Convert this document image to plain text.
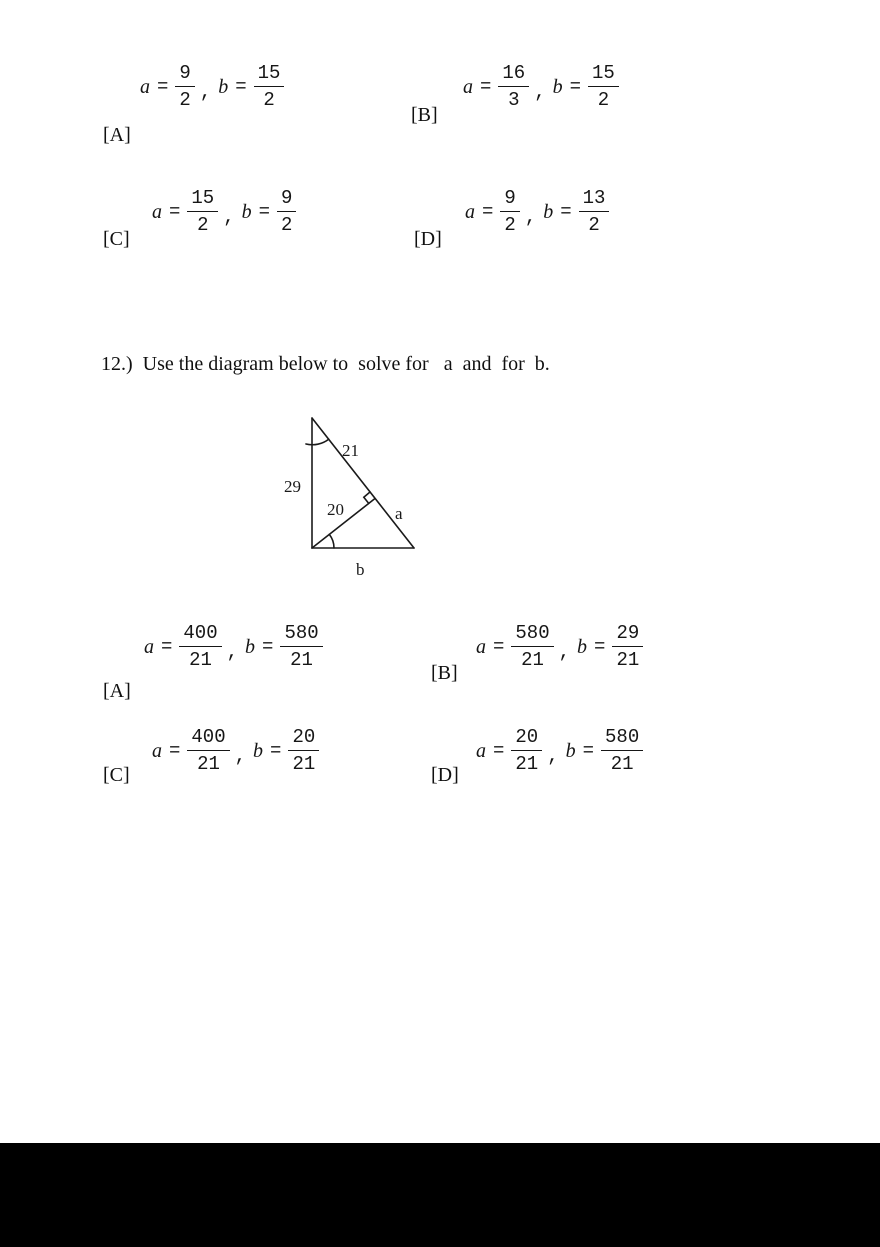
[A]
$a = \frac{9}{2}$ , $b = \frac{15}{2}$
[B]
$a = \frac{16}{3}$ , $b = \frac{15}{2}$
[C]
$a = \frac{15}{2}$ , $b = \frac{9}{2}$
[D]
$a = \frac{9}{2}$ , $b = \frac{13}{2}$
12.)  Use the diagram below to  solve for   a  and  for  b.
21
29
20	a
b
[A]
$a = \frac{400}{21}$ , $b = \frac{580}{21}$
[B]
$a = \frac{580}{21}$ , $b = \frac{29}{21}$
[C]
$a = \frac{400}{21}$ , $b = \frac{20}{21}$
[D]
$a = \frac{20}{21}$ , $b = \frac{580}{21}$
